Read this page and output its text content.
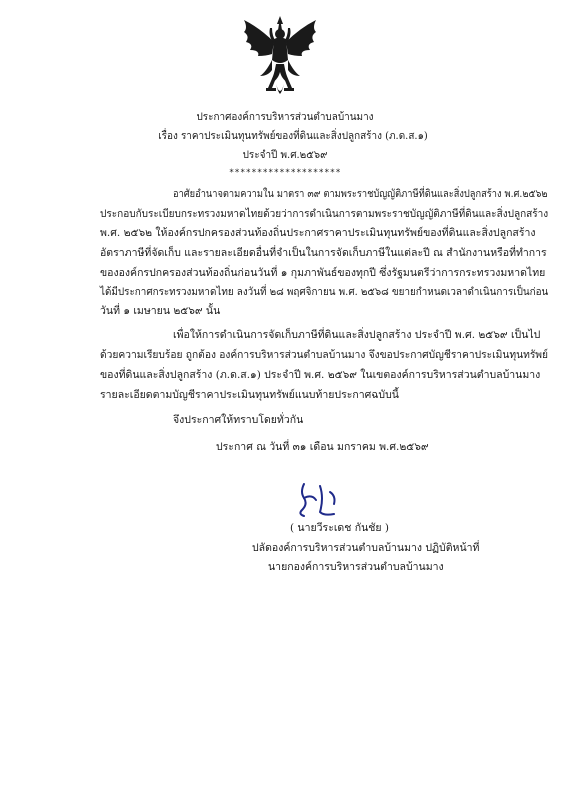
ประกาศองค์การบริหารส่วนตำบลบ้านมาง
เรื่อง ราคาประเมินทุนทรัพย์ของที่ดินและสิ่งปลูกสร้าง (ภ.ด.ส.๑)
ประจำปี พ.ศ.๒๕๖๙
********************
อาศัยอำนาจตามความใน มาตรา ๓๙ ตามพระราชบัญญัติภาษีที่ดินและสิ่งปลูกสร้าง พ.ศ.๒๕๖๒
ประกอบกับระเบียบกระทรวงมหาดไทยด้วยว่าการดำเนินการตามพระราชบัญญัติภาษีที่ดินและสิ่งปลูกสร้าง
พ.ศ. ๒๕๖๒ ให้องค์กรปกครองส่วนท้องถิ่นประกาศราคาประเมินทุนทรัพย์ของที่ดินและสิ่งปลูกสร้าง
อัตราภาษีที่จัดเก็บ และรายละเอียดอื่นที่จำเป็นในการจัดเก็บภาษีในแต่ละปี ณ สำนักงานหรือที่ทำการ
ขององค์กรปกครองส่วนท้องถิ่นก่อนวันที่ ๑ กุมภาพันธ์ของทุกปี ซึ่งรัฐมนตรีว่าการกระทรวงมหาดไทย
ได้มีประกาศกระทรวงมหาดไทย ลงวันที่ ๒๘ พฤศจิกายน พ.ศ. ๒๕๖๘ ขยายกำหนดเวลาดำเนินการเป็นก่อน
วันที่ ๑ เมษายน ๒๕๖๙ นั้น
เพื่อให้การดำเนินการจัดเก็บภาษีที่ดินและสิ่งปลูกสร้าง ประจำปี พ.ศ. ๒๕๖๙ เป็นไป
ด้วยความเรียบร้อย ถูกต้อง องค์การบริหารส่วนตำบลบ้านมาง จึงขอประกาศบัญชีราคาประเมินทุนทรัพย์
ของที่ดินและสิ่งปลูกสร้าง (ภ.ด.ส.๑) ประจำปี พ.ศ. ๒๕๖๙ ในเขตองค์การบริหารส่วนตำบลบ้านมาง
รายละเอียดตามบัญชีราคาประเมินทุนทรัพย์แนบท้ายประกาศฉบับนี้
จึงประกาศให้ทราบโดยทั่วกัน
ประกาศ ณ วันที่ ๓๑ เดือน มกราคม พ.ศ.๒๕๖๙
( นายวีระเดช กันชัย )
ปลัดองค์การบริหารส่วนตำบลบ้านมาง ปฏิบัติหน้าที่
นายกองค์การบริหารส่วนตำบลบ้านมาง
